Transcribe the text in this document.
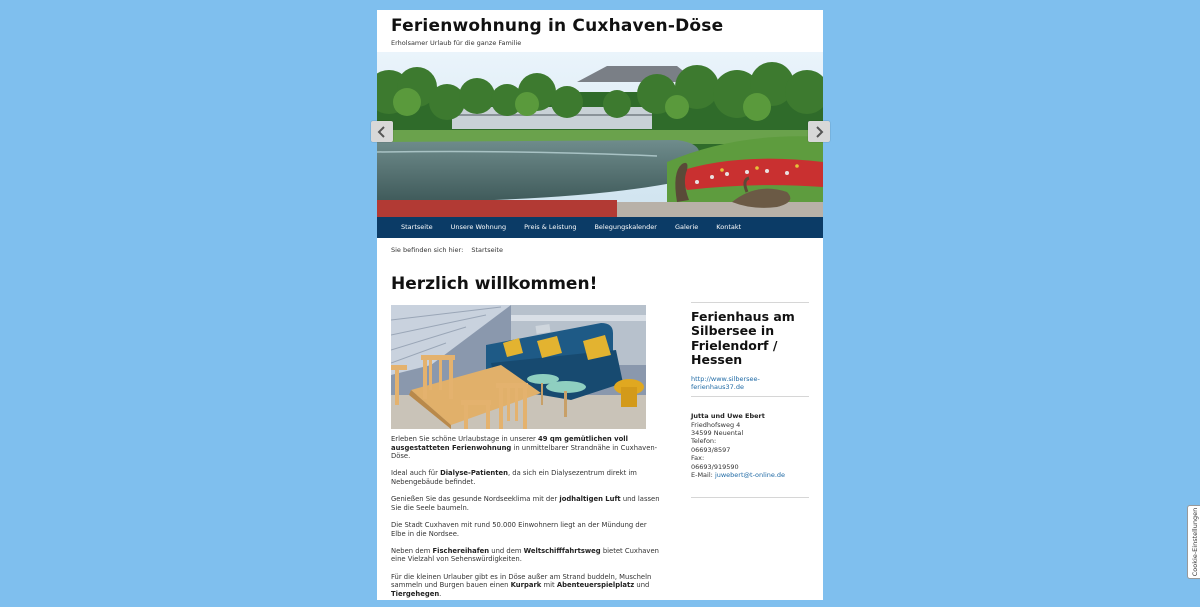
Ferienwohnung in Cuxhaven-Döse
Erholsamer Urlaub für die ganze Familie
Startseite	Unsere Wohnung	Preis & Leistung	Belegungskalender	Galerie	Kontakt
Sie befinden sich hier: Startseite
Herzlich willkommen!

Erleben Sie schöne Urlaubstage in unserer 49 qm gemütlichen voll ausgestatteten Ferienwohnung in unmittelbarer Strandnähe in Cuxhaven-Döse.

Ideal auch für Dialyse-Patienten, da sich ein Dialysezentrum direkt im Nebengebäude befindet.

Genießen Sie das gesunde Nordseeklima mit der jodhaltigen Luft und lassen Sie die Seele baumeln.

Die Stadt Cuxhaven mit rund 50.000 Einwohnern liegt an der Mündung der Elbe in die Nordsee.

Neben dem Fischereihafen und dem Weltschifffahrtsweg bietet Cuxhaven eine Vielzahl von Sehenswürdigkeiten.

Für die kleinen Urlauber gibt es in Döse außer am Strand buddeln, Muscheln sammeln und Burgen bauen einen Kurpark mit Abenteuerspielplatz und Tiergehegen.

Ferienhaus am Silbersee in Frielendorf / Hessen
http://www.silbersee-ferienhaus37.de
Jutta und Uwe Ebert
Friedhofsweg 4
34599 Neuental
Telefon:
06693/8597
Fax:
06693/919590
E-Mail: juwebert@t-online.de
Cookie-Einstellungen
